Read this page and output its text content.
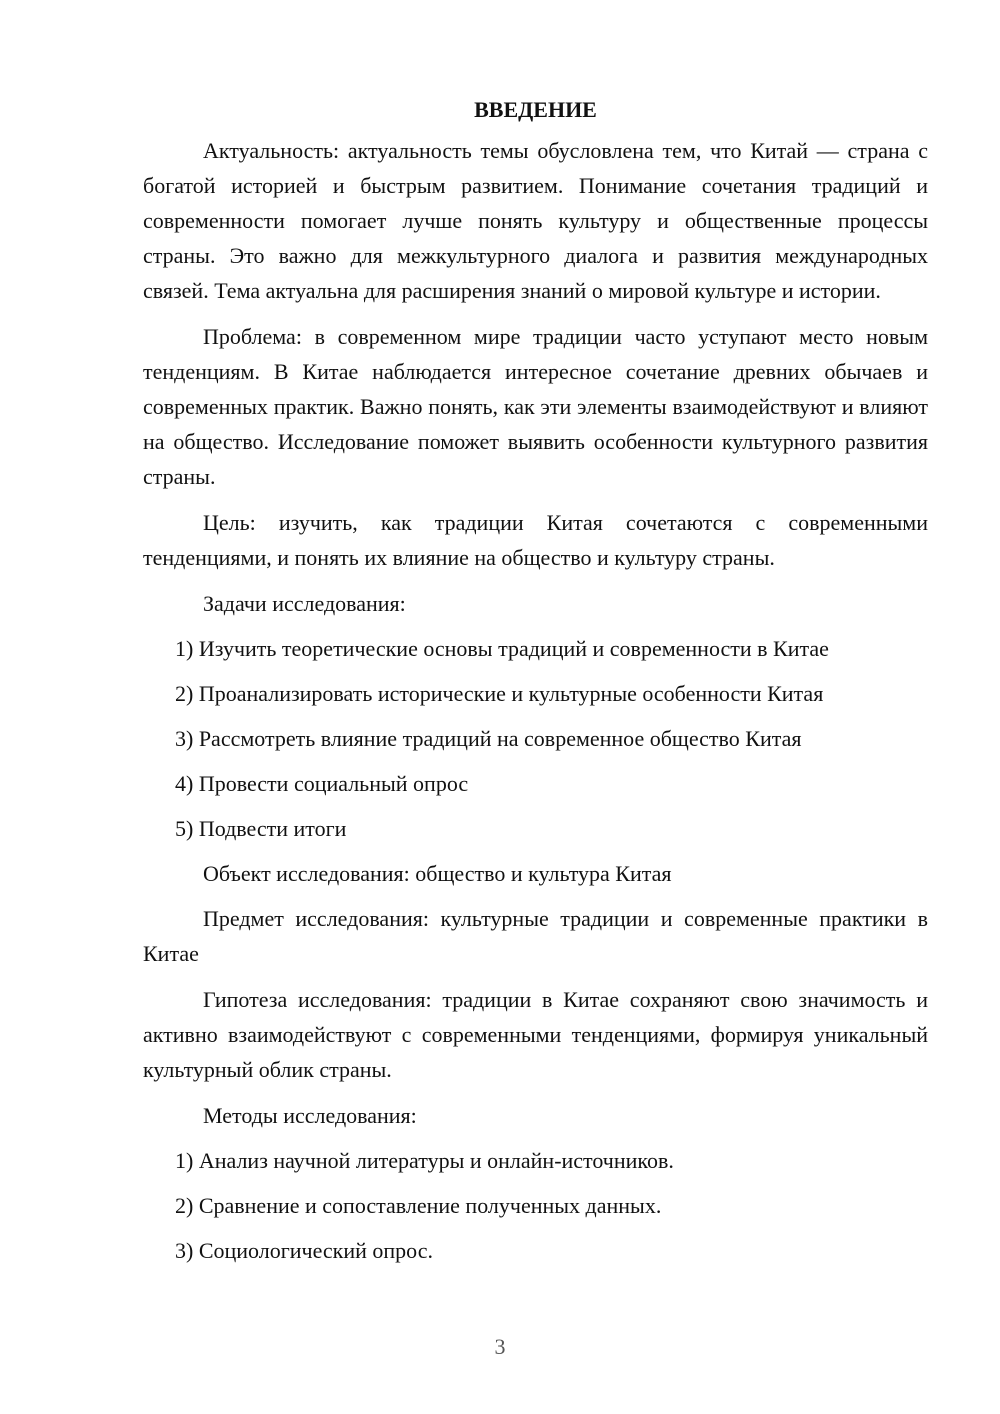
ВВЕДЕНИЕ

Актуальность: актуальность темы обусловлена тем, что Китай — страна с богатой историей и быстрым развитием. Понимание сочетания традиций и современности помогает лучше понять культуру и общественные процессы страны. Это важно для межкультурного диалога и развития международных связей. Тема актуальна для расширения знаний о мировой культуре и истории.

Проблема: в современном мире традиции часто уступают место новым тенденциям. В Китае наблюдается интересное сочетание древних обычаев и современных практик. Важно понять, как эти элементы взаимодействуют и влияют на общество. Исследование поможет выявить особенности культурного развития страны.

Цель: изучить, как традиции Китая сочетаются с современными тенденциями, и понять их влияние на общество и культуру страны.

Задачи исследования:

1) Изучить теоретические основы традиций и современности в Китае
2) Проанализировать исторические и культурные особенности Китая
3) Рассмотреть влияние традиций на современное общество Китая
4) Провести социальный опрос
5) Подвести итоги

Объект исследования: общество и культура Китая

Предмет исследования: культурные традиции и современные практики в Китае

Гипотеза исследования: традиции в Китае сохраняют свою значимость и активно взаимодействуют с современными тенденциями, формируя уникальный культурный облик страны.

Методы исследования:

1) Анализ научной литературы и онлайн-источников.
2) Сравнение и сопоставление полученных данных.
3) Социологический опрос.
3
